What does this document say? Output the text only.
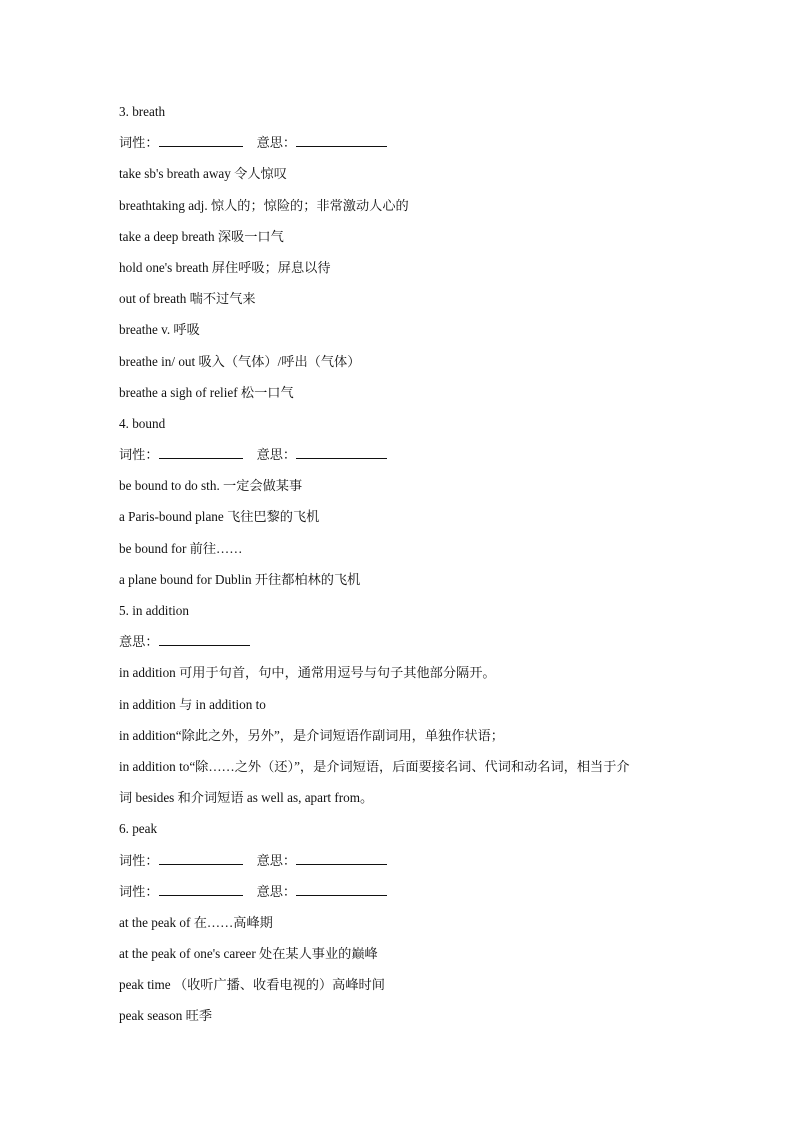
3. breath
词性：	意思：
take sb's breath away 令人惊叹
breathtaking adj. 惊人的；惊险的；非常激动人心的
take a deep breath 深吸一口气
hold one's breath 屏住呼吸；屏息以待
out of breath 喘不过气来
breathe v. 呼吸
breathe in/ out 吸入（气体）/呼出（气体）
breathe a sigh of relief 松一口气
4. bound
词性：	意思：
be bound to do sth. 一定会做某事
a Paris-bound plane 飞往巴黎的飞机
be bound for 前往……
a plane bound for Dublin 开往都柏林的飞机
5. in addition
意思：
in addition 可用于句首，句中，通常用逗号与句子其他部分隔开。
in addition 与 in addition to
in addition“除此之外，另外”，是介词短语作副词用，单独作状语；
in addition to“除……之外（还）”，是介词短语，后面要接名词、代词和动名词，相当于介
词 besides 和介词短语 as well as, apart from。
6. peak
词性：	意思：
词性：	意思：
at the peak of 在……高峰期
at the peak of one's career 处在某人事业的巅峰
peak time （收听广播、收看电视的）高峰时间
peak season 旺季
